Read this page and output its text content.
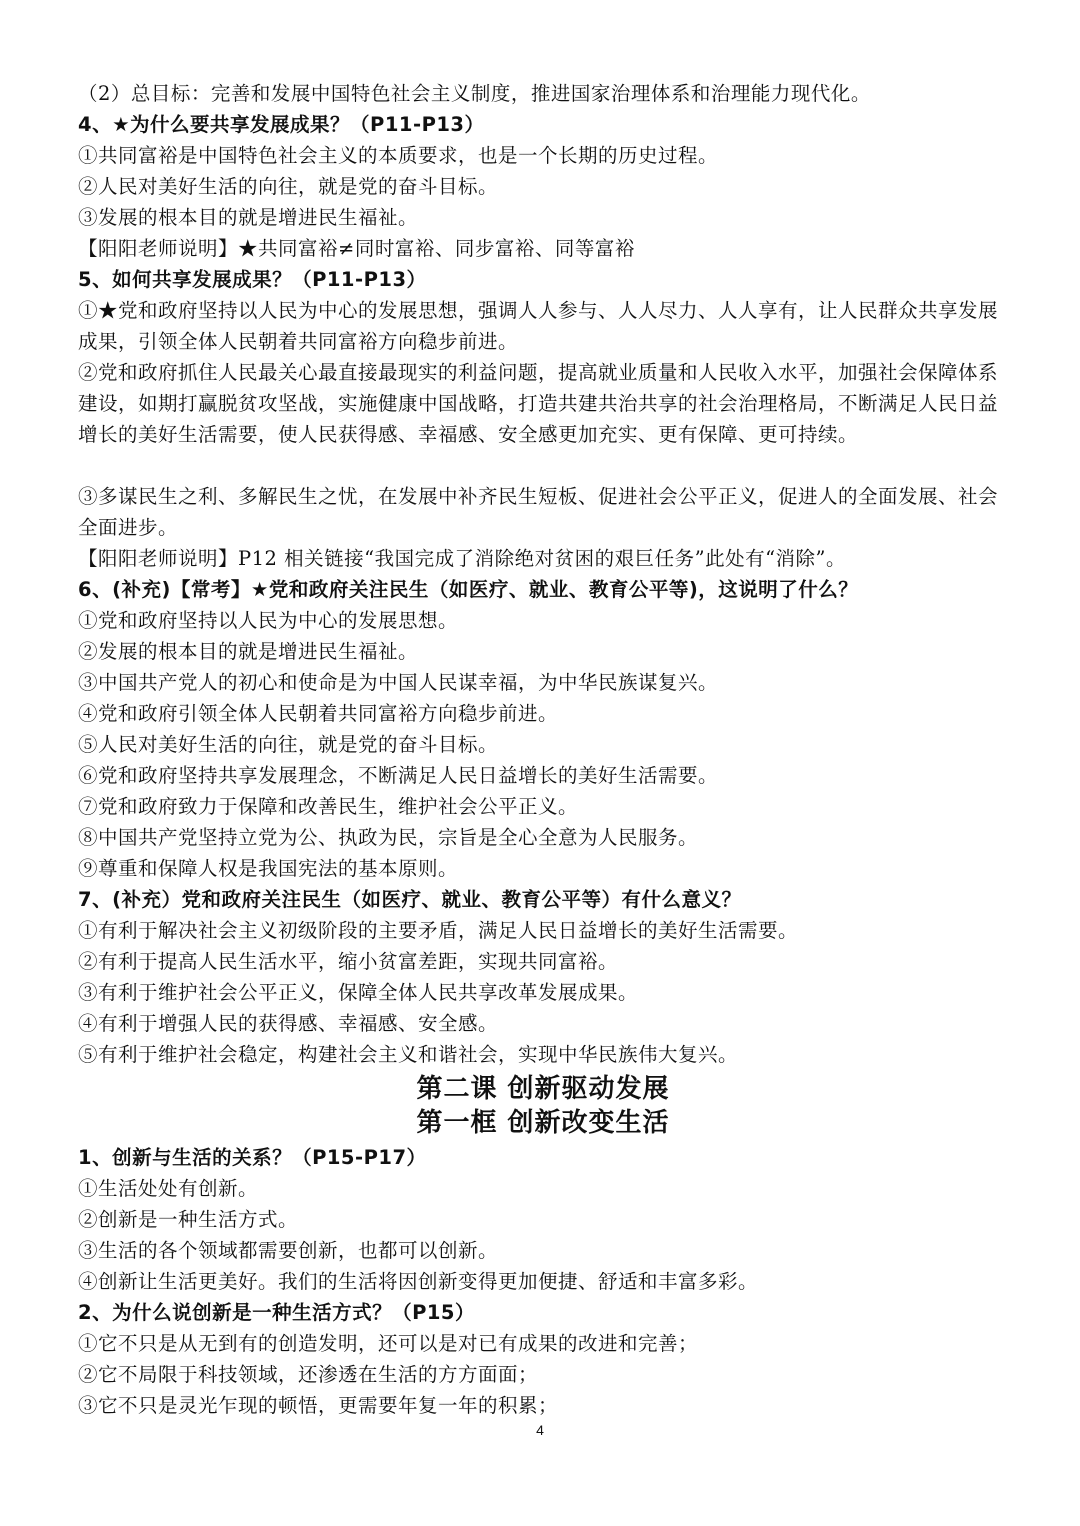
（2）总目标：完善和发展中国特色社会主义制度，推进国家治理体系和治理能力现代化。
4、★为什么要共享发展成果？（P11-P13）
①共同富裕是中国特色社会主义的本质要求，也是一个长期的历史过程。
②人民对美好生活的向往，就是党的奋斗目标。
③发展的根本目的就是增进民生福祉。
【阳阳老师说明】★共同富裕≠同时富裕、同步富裕、同等富裕
5、如何共享发展成果？（P11-P13）
①★党和政府坚持以人民为中心的发展思想，强调人人参与、人人尽力、人人享有，让人民群众共享发展成果，引领全体人民朝着共同富裕方向稳步前进。
②党和政府抓住人民最关心最直接最现实的利益问题，提高就业质量和人民收入水平，加强社会保障体系建设，如期打赢脱贫攻坚战，实施健康中国战略，打造共建共治共享的社会治理格局，不断满足人民日益增长的美好生活需要，使人民获得感、幸福感、安全感更加充实、更有保障、更可持续。
③多谋民生之利、多解民生之忧，在发展中补齐民生短板、促进社会公平正义，促进人的全面发展、社会全面进步。
【阳阳老师说明】P12 相关链接“我国完成了消除绝对贫困的艰巨任务”此处有“消除”。
6、(补充)【常考】★党和政府关注民生（如医疗、就业、教育公平等)，这说明了什么？
①党和政府坚持以人民为中心的发展思想。
②发展的根本目的就是增进民生福祉。
③中国共产党人的初心和使命是为中国人民谋幸福，为中华民族谋复兴。
④党和政府引领全体人民朝着共同富裕方向稳步前进。
⑤人民对美好生活的向往，就是党的奋斗目标。
⑥党和政府坚持共享发展理念，不断满足人民日益增长的美好生活需要。
⑦党和政府致力于保障和改善民生，维护社会公平正义。
⑧中国共产党坚持立党为公、执政为民，宗旨是全心全意为人民服务。
⑨尊重和保障人权是我国宪法的基本原则。
7、(补充）党和政府关注民生（如医疗、就业、教育公平等）有什么意义？
①有利于解决社会主义初级阶段的主要矛盾，满足人民日益增长的美好生活需要。
②有利于提高人民生活水平，缩小贫富差距，实现共同富裕。
③有利于维护社会公平正义，保障全体人民共享改革发展成果。
④有利于增强人民的获得感、幸福感、安全感。
⑤有利于维护社会稳定，构建社会主义和谐社会，实现中华民族伟大复兴。
第二课 创新驱动发展
第一框 创新改变生活
1、创新与生活的关系？（P15-P17）
①生活处处有创新。
②创新是一种生活方式。
③生活的各个领域都需要创新，也都可以创新。
④创新让生活更美好。我们的生活将因创新变得更加便捷、舒适和丰富多彩。
2、为什么说创新是一种生活方式？（P15）
①它不只是从无到有的创造发明，还可以是对已有成果的改进和完善；
②它不局限于科技领域，还渗透在生活的方方面面；
③它不只是灵光乍现的顿悟，更需要年复一年的积累；
4
